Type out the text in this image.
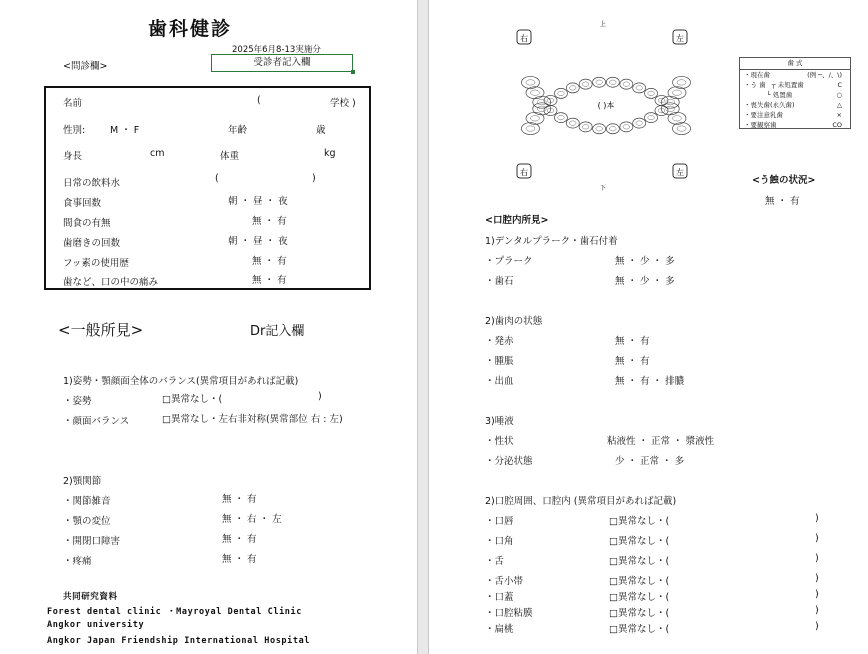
歯科健診
2025年6月8-13実施分
<問診欄>	受診者記入欄
名前	(	学校 )
性別:	M ・ F	年齢	歳
身長	cm	体重	kg
日常の飲料水	(	)
食事回数	朝 ・ 昼 ・ 夜
間食の有無	無 ・ 有
歯磨きの回数	朝 ・ 昼 ・ 夜
フッ素の使用歴	無 ・ 有
歯など、口の中の痛み	無 ・ 有
<一般所見>	Dr記入欄
1)姿勢・顎顔面全体のバランス(異常項目があれば記載)
・姿勢	□異常なし・(	)
・顔面バランス	□異常なし・左右非対称(異常部位 右 : 左)
2)顎関節
・関節雑音	無 ・ 有
・顎の変位	無 ・ 右 ・ 左
・開閉口障害	無 ・ 有
・疼痛	無 ・ 有
共同研究資料
Forest dental clinic ・Mayroyal Dental Clinic
Angkor university
Angkor Japan Friendship International Hospital
( )本
右	左
右	左
上
下
歯 式
・現在歯	(例 ─、/、\)
・う 歯   ┬ 未処置歯	C
└ 処置歯	○
・喪失歯(永久歯)	△
・要注意乳歯	×
・要観察歯	CO
<う蝕の状況>
無 ・ 有
<口腔内所見>
1)デンタルプラーク・歯石付着
・プラーク	無 ・ 少 ・ 多
・歯石	無 ・ 少 ・ 多
2)歯肉の状態
・発赤	無 ・ 有
・腫脹	無 ・ 有
・出血	無 ・ 有 ・ 排膿
3)唾液
・性状	粘液性 ・ 正常 ・ 漿液性
・分泌状態	少 ・ 正常 ・ 多
2)口腔周囲、口腔内 (異常項目があれば記載)
・口唇	□異常なし・(	)
・口角	□異常なし・(	)
・舌	□異常なし・(	)
・舌小帯	□異常なし・(	)
・口蓋	□異常なし・(	)
・口腔粘膜	□異常なし・(	)
・扁桃	□異常なし・(	)
